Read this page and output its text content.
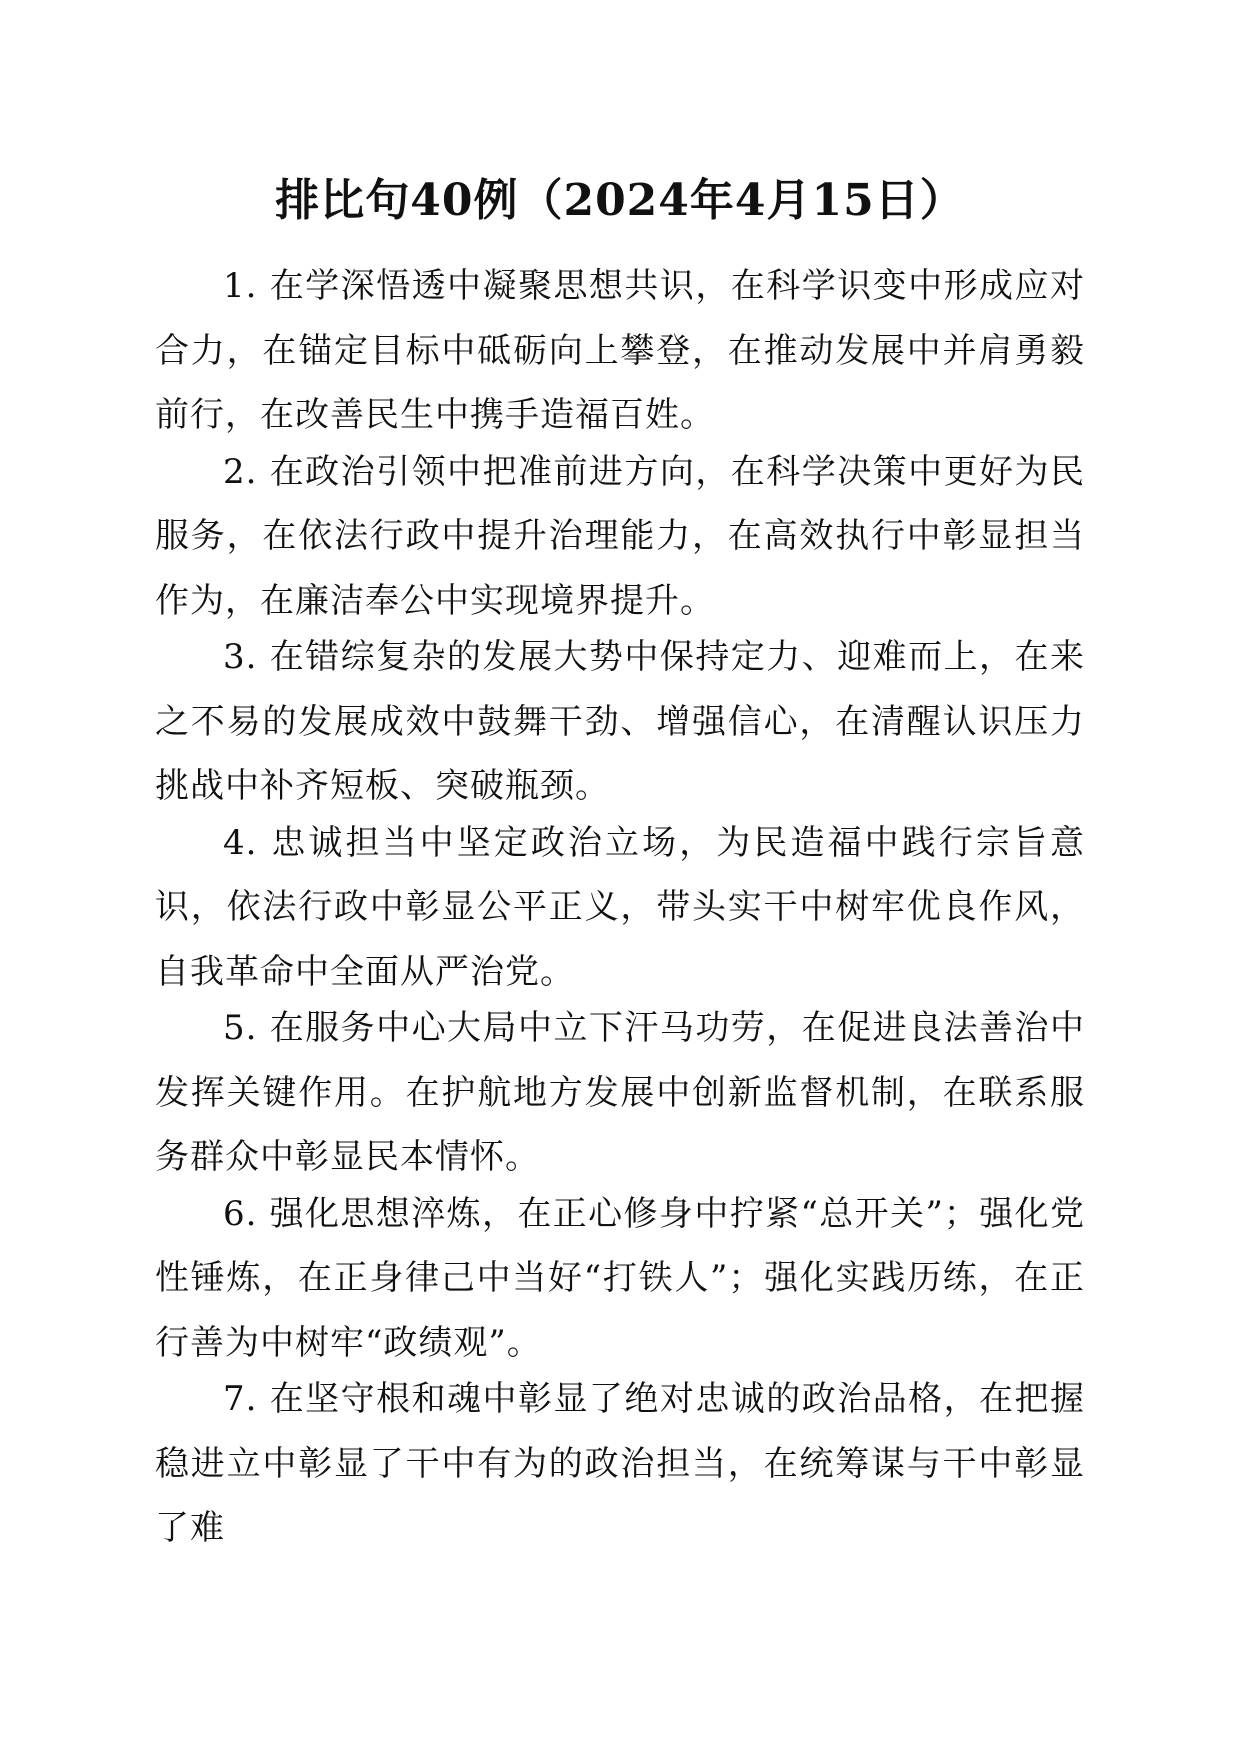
排比句40例（2024年4月15日）

1. 在学深悟透中凝聚思想共识，在科学识变中形成应对合力，在锚定目标中砥砺向上攀登，在推动发展中并肩勇毅前行，在改善民生中携手造福百姓。

2. 在政治引领中把准前进方向，在科学决策中更好为民服务，在依法行政中提升治理能力，在高效执行中彰显担当作为，在廉洁奉公中实现境界提升。

3. 在错综复杂的发展大势中保持定力、迎难而上，在来之不易的发展成效中鼓舞干劲、增强信心，在清醒认识压力挑战中补齐短板、突破瓶颈。

4. 忠诚担当中坚定政治立场，为民造福中践行宗旨意识，依法行政中彰显公平正义，带头实干中树牢优良作风，自我革命中全面从严治党。

5. 在服务中心大局中立下汗马功劳，在促进良法善治中发挥关键作用。在护航地方发展中创新监督机制，在联系服务群众中彰显民本情怀。

6. 强化思想淬炼，在正心修身中拧紧“总开关”；强化党性锤炼，在正身律己中当好“打铁人”；强化实践历练，在正行善为中树牢“政绩观”。

7. 在坚守根和魂中彰显了绝对忠诚的政治品格，在把握稳进立中彰显了干中有为的政治担当，在统筹谋与干中彰显了难
